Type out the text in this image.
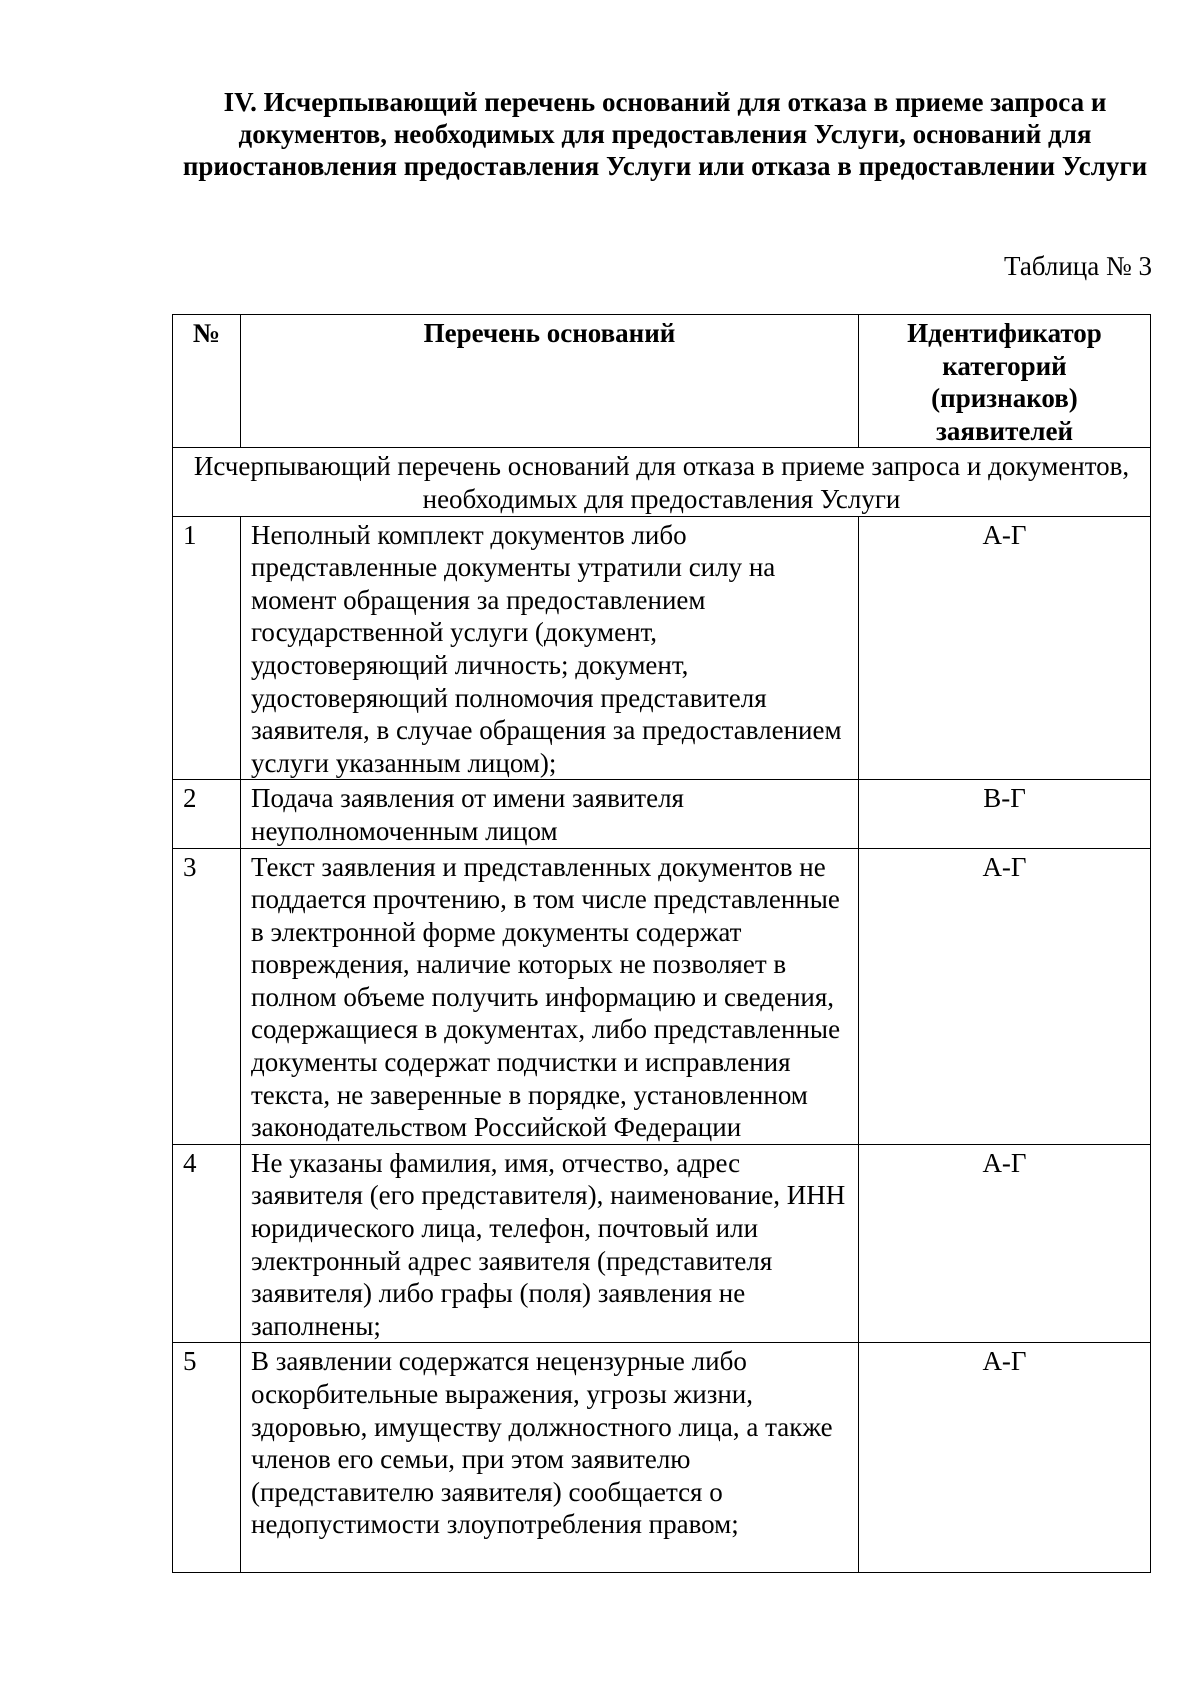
IV. Исчерпывающий перечень оснований для отказа в приеме запроса и документов, необходимых для предоставления Услуги, оснований для приостановления предоставления Услуги или отказа в предоставлении Услуги
Таблица № 3
№	Перечень оснований	Идентификатор категорий (признаков) заявителей
Исчерпывающий перечень оснований для отказа в приеме запроса и документов, необходимых для предоставления Услуги		
1	Неполный комплект документов либо представленные документы утратили силу на момент обращения за предоставлением государственной услуги (документ, удостоверяющий личность; документ, удостоверяющий полномочия представителя заявителя, в случае обращения за предоставлением услуги указанным лицом);	А-Г
2	Подача заявления от имени заявителя неуполномоченным лицом	В-Г
3	Текст заявления и представленных документов не поддается прочтению, в том числе представленные в электронной форме документы содержат повреждения, наличие которых не позволяет в полном объеме получить информацию и сведения, содержащиеся в документах, либо представленные документы содержат подчистки и исправления текста, не заверенные в порядке, установленном законодательством Российской Федерации	А-Г
4	Не указаны фамилия, имя, отчество, адрес заявителя (его представителя), наименование, ИНН юридического лица, телефон, почтовый или электронный адрес заявителя (представителя заявителя) либо графы (поля) заявления не заполнены;	А-Г
5	В заявлении содержатся нецензурные либо оскорбительные выражения, угрозы жизни, здоровью, имуществу должностного лица, а также членов его семьи, при этом заявителю (представителю заявителя) сообщается о недопустимости злоупотребления правом;	А-Г
